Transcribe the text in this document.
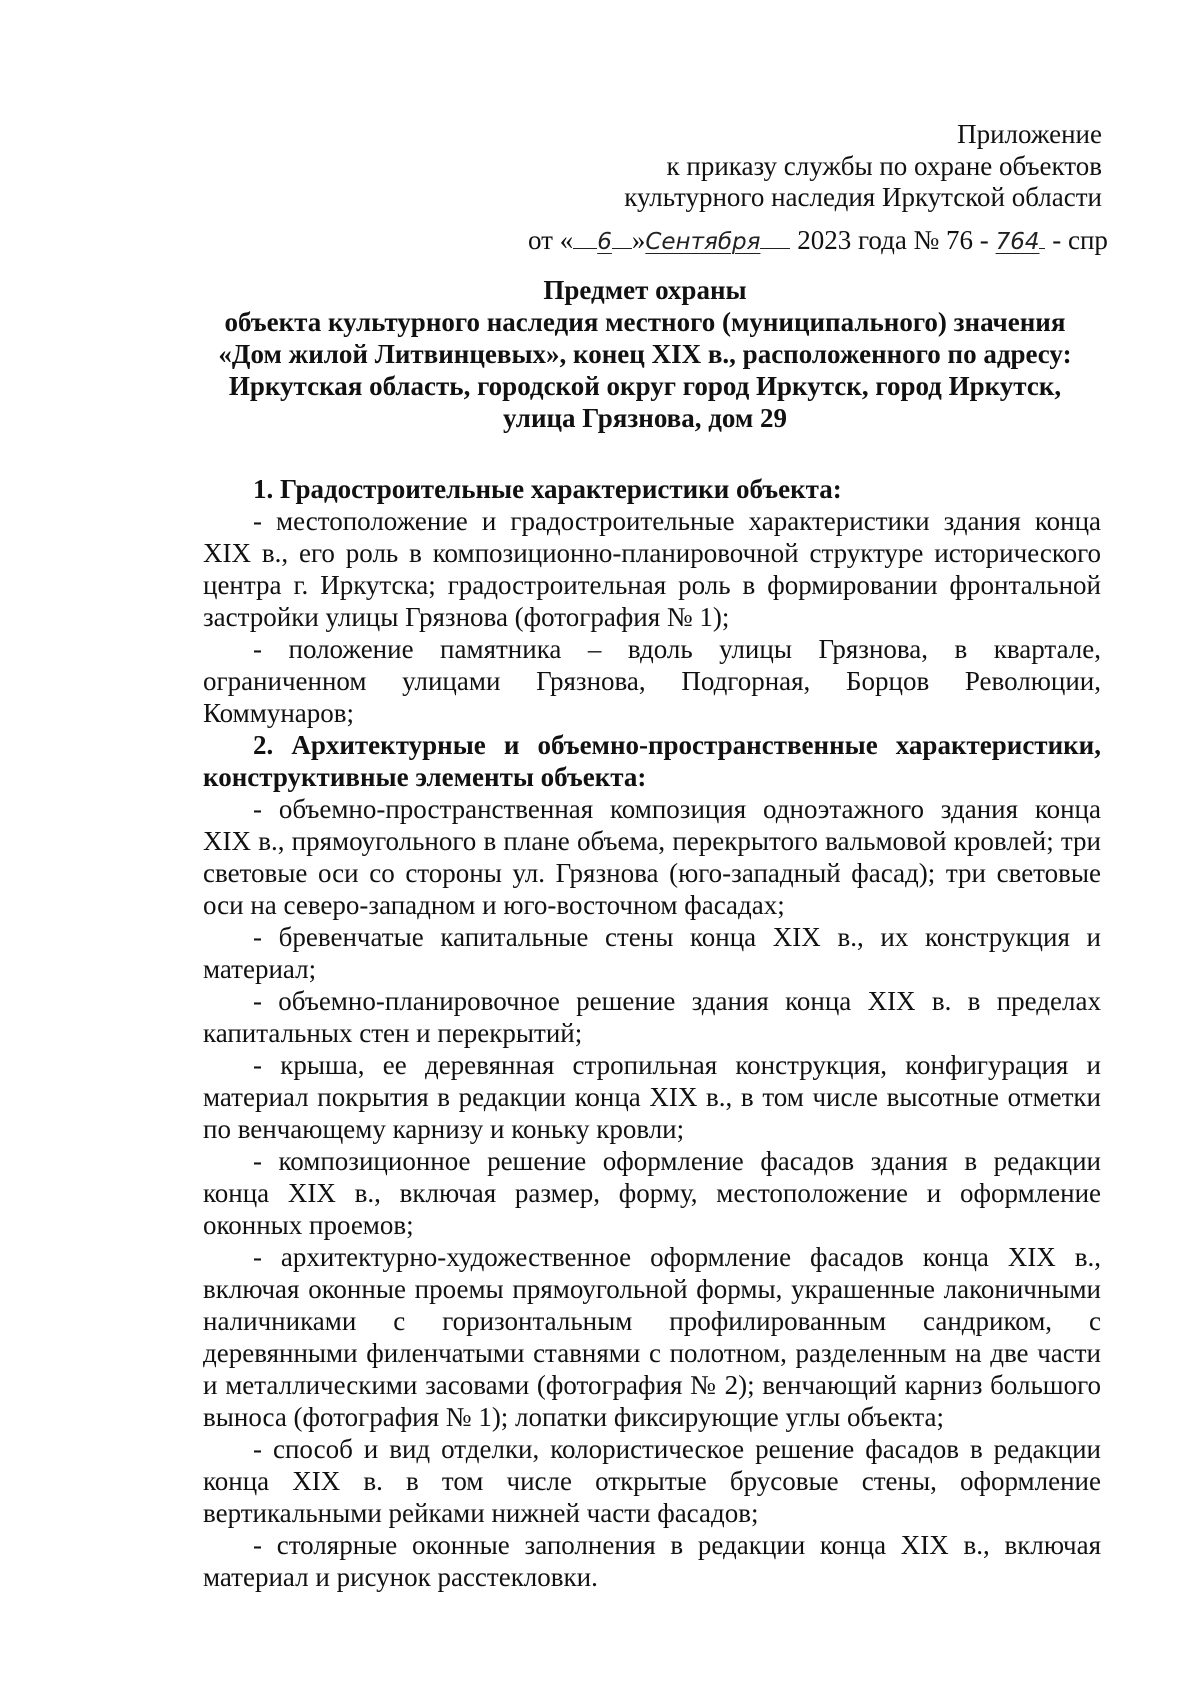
Приложение
к приказу службы по охране объектов
культурного наследия Иркутской области
от « 6 »Сентября 2023 года № 76 - 764 - спр
Предмет охраны
объекта культурного наследия местного (муниципального) значения
«Дом жилой Литвинцевых», конец XIX в., расположенного по адресу:
Иркутская область, городской округ город Иркутск, город Иркутск,
улица Грязнова, дом 29

1. Градостроительные характеристики объекта:

- местоположение и градостроительные характеристики здания конца XIX в., его роль в композиционно-планировочной структуре исторического центра г. Иркутска; градостроительная роль в формировании фронтальной застройки улицы Грязнова (фотография № 1);

- положение памятника – вдоль улицы Грязнова, в квартале, ограниченном улицами Грязнова, Подгорная, Борцов Революции, Коммунаров;

2. Архитектурные и объемно-пространственные характеристики, конструктивные элементы объекта:

- объемно-пространственная композиция одноэтажного здания конца XIX в., прямоугольного в плане объема, перекрытого вальмовой кровлей; три световые оси со стороны ул. Грязнова (юго-западный фасад); три световые оси на северо-западном и юго-восточном фасадах;

- бревенчатые капитальные стены конца XIX в., их конструкция и материал;

- объемно-планировочное решение здания конца XIX в. в пределах капитальных стен и перекрытий;

- крыша, ее деревянная стропильная конструкция, конфигурация и материал покрытия в редакции конца XIX в., в том числе высотные отметки по венчающему карнизу и коньку кровли;

- композиционное решение оформление фасадов здания в редакции конца XIX в., включая размер, форму, местоположение и оформление оконных проемов;

- архитектурно-художественное оформление фасадов конца XIX в., включая оконные проемы прямоугольной формы, украшенные лаконичными наличниками с горизонтальным профилированным сандриком, с деревянными филенчатыми ставнями с полотном, разделенным на две части и металлическими засовами (фотография № 2); венчающий карниз большого выноса (фотография № 1); лопатки фиксирующие углы объекта;

- способ и вид отделки, колористическое решение фасадов в редакции конца XIX в. в том числе открытые брусовые стены, оформление вертикальными рейками нижней части фасадов;

- столярные оконные заполнения в редакции конца XIX в., включая материал и рисунок расстекловки.
